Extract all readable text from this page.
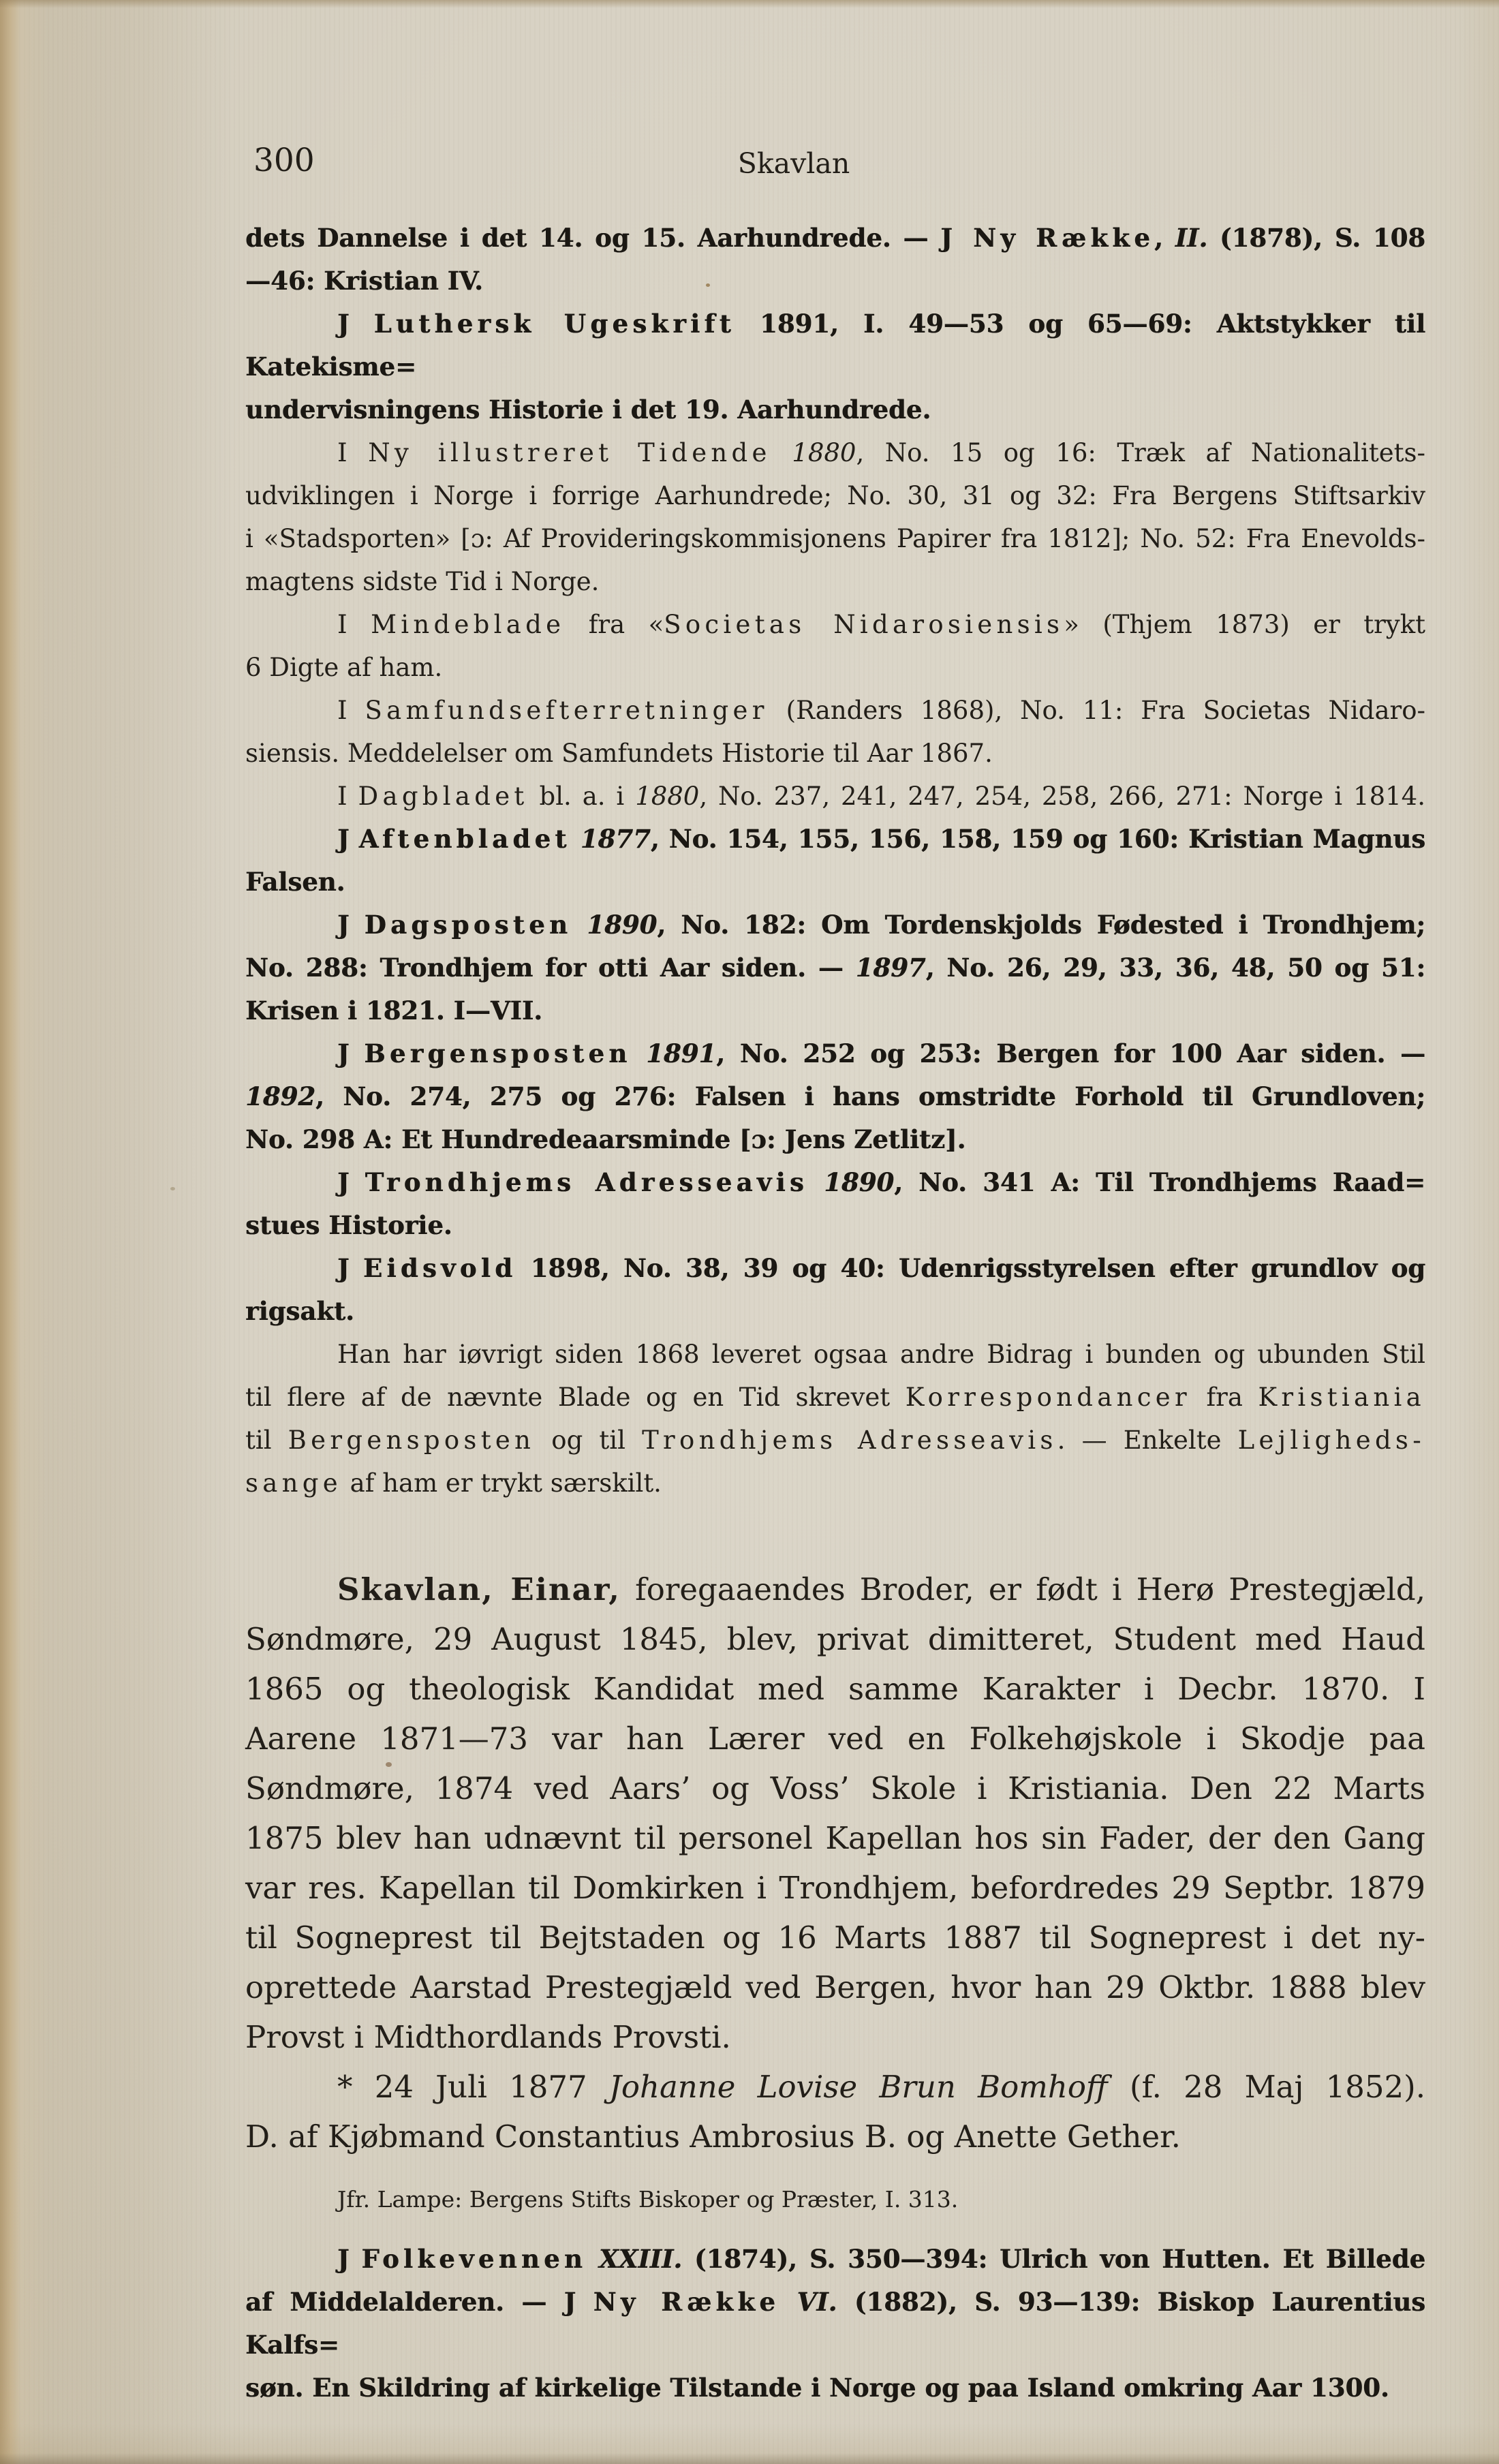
300	Skavlan
dets Dannelse i det 14. og 15. Aarhundrede. — J Ny Række, II. (1878), S. 108
—46: Kristian IV.
J Luthersk Ugeskrift 1891, I. 49—53 og 65—69: Aktstykker til Katekisme=
undervisningens Historie i det 19. Aarhundrede.
I Ny illustreret Tidende 1880, No. 15 og 16: Træk af Nationalitets-
udviklingen i Norge i forrige Aarhundrede; No. 30, 31 og 32: Fra Bergens Stiftsarkiv
i «Stadsporten» [ɔ: Af Provideringskommisjonens Papirer fra 1812]; No. 52: Fra Enevolds-
magtens sidste Tid i Norge.
I Mindeblade fra «Societas Nidarosiensis» (Thjem 1873) er trykt
6 Digte af ham.
I Samfundsefterretninger (Randers 1868), No. 11: Fra Societas Nidaro-
siensis. Meddelelser om Samfundets Historie til Aar 1867.
I Dagbladet bl. a. i 1880, No. 237, 241, 247, 254, 258, 266, 271: Norge i 1814.
J Aftenbladet 1877, No. 154, 155, 156, 158, 159 og 160: Kristian Magnus
Falsen.
J Dagsposten 1890, No. 182: Om Tordenskjolds Fødested i Trondhjem;
No. 288: Trondhjem for otti Aar siden. — 1897, No. 26, 29, 33, 36, 48, 50 og 51:
Krisen i 1821. I—VII.
J Bergensposten 1891, No. 252 og 253: Bergen for 100 Aar siden. —
1892, No. 274, 275 og 276: Falsen i hans omstridte Forhold til Grundloven;
No. 298 A: Et Hundredeaarsminde [ɔ: Jens Zetlitz].
J Trondhjems Adresseavis 1890, No. 341 A: Til Trondhjems Raad=
stues Historie.
J Eidsvold 1898, No. 38, 39 og 40: Udenrigsstyrelsen efter grundlov og rigsakt.
Han har iøvrigt siden 1868 leveret ogsaa andre Bidrag i bunden og ubunden Stil
til flere af de nævnte Blade og en Tid skrevet Korrespondancer fra Kristiania
til Bergensposten og til Trondhjems Adresseavis. — Enkelte Lejligheds-
sange af ham er trykt særskilt.
Skavlan, Einar, foregaaendes Broder, er født i Herø Prestegjæld,
Søndmøre, 29 August 1845, blev, privat dimitteret, Student med Haud
1865 og theologisk Kandidat med samme Karakter i Decbr. 1870. I
Aarene 1871—73 var han Lærer ved en Folkehøjskole i Skodje paa
Søndmøre, 1874 ved Aars’ og Voss’ Skole i Kristiania. Den 22 Marts
1875 blev han udnævnt til personel Kapellan hos sin Fader, der den Gang
var res. Kapellan til Domkirken i Trondhjem, befordredes 29 Septbr. 1879
til Sogneprest til Bejtstaden og 16 Marts 1887 til Sogneprest i det ny-
oprettede Aarstad Prestegjæld ved Bergen, hvor han 29 Oktbr. 1888 blev
Provst i Midthordlands Provsti.
* 24 Juli 1877 Johanne Lovise Brun Bomhoff (f. 28 Maj 1852).
D. af Kjøbmand Constantius Ambrosius B. og Anette Gether.
Jfr. Lampe: Bergens Stifts Biskoper og Præster, I. 313.
J Folkevennen XXIII. (1874), S. 350—394: Ulrich von Hutten. Et Billede
af Middelalderen. — J Ny Række VI. (1882), S. 93—139: Biskop Laurentius Kalfs=
søn. En Skildring af kirkelige Tilstande i Norge og paa Island omkring Aar 1300.
